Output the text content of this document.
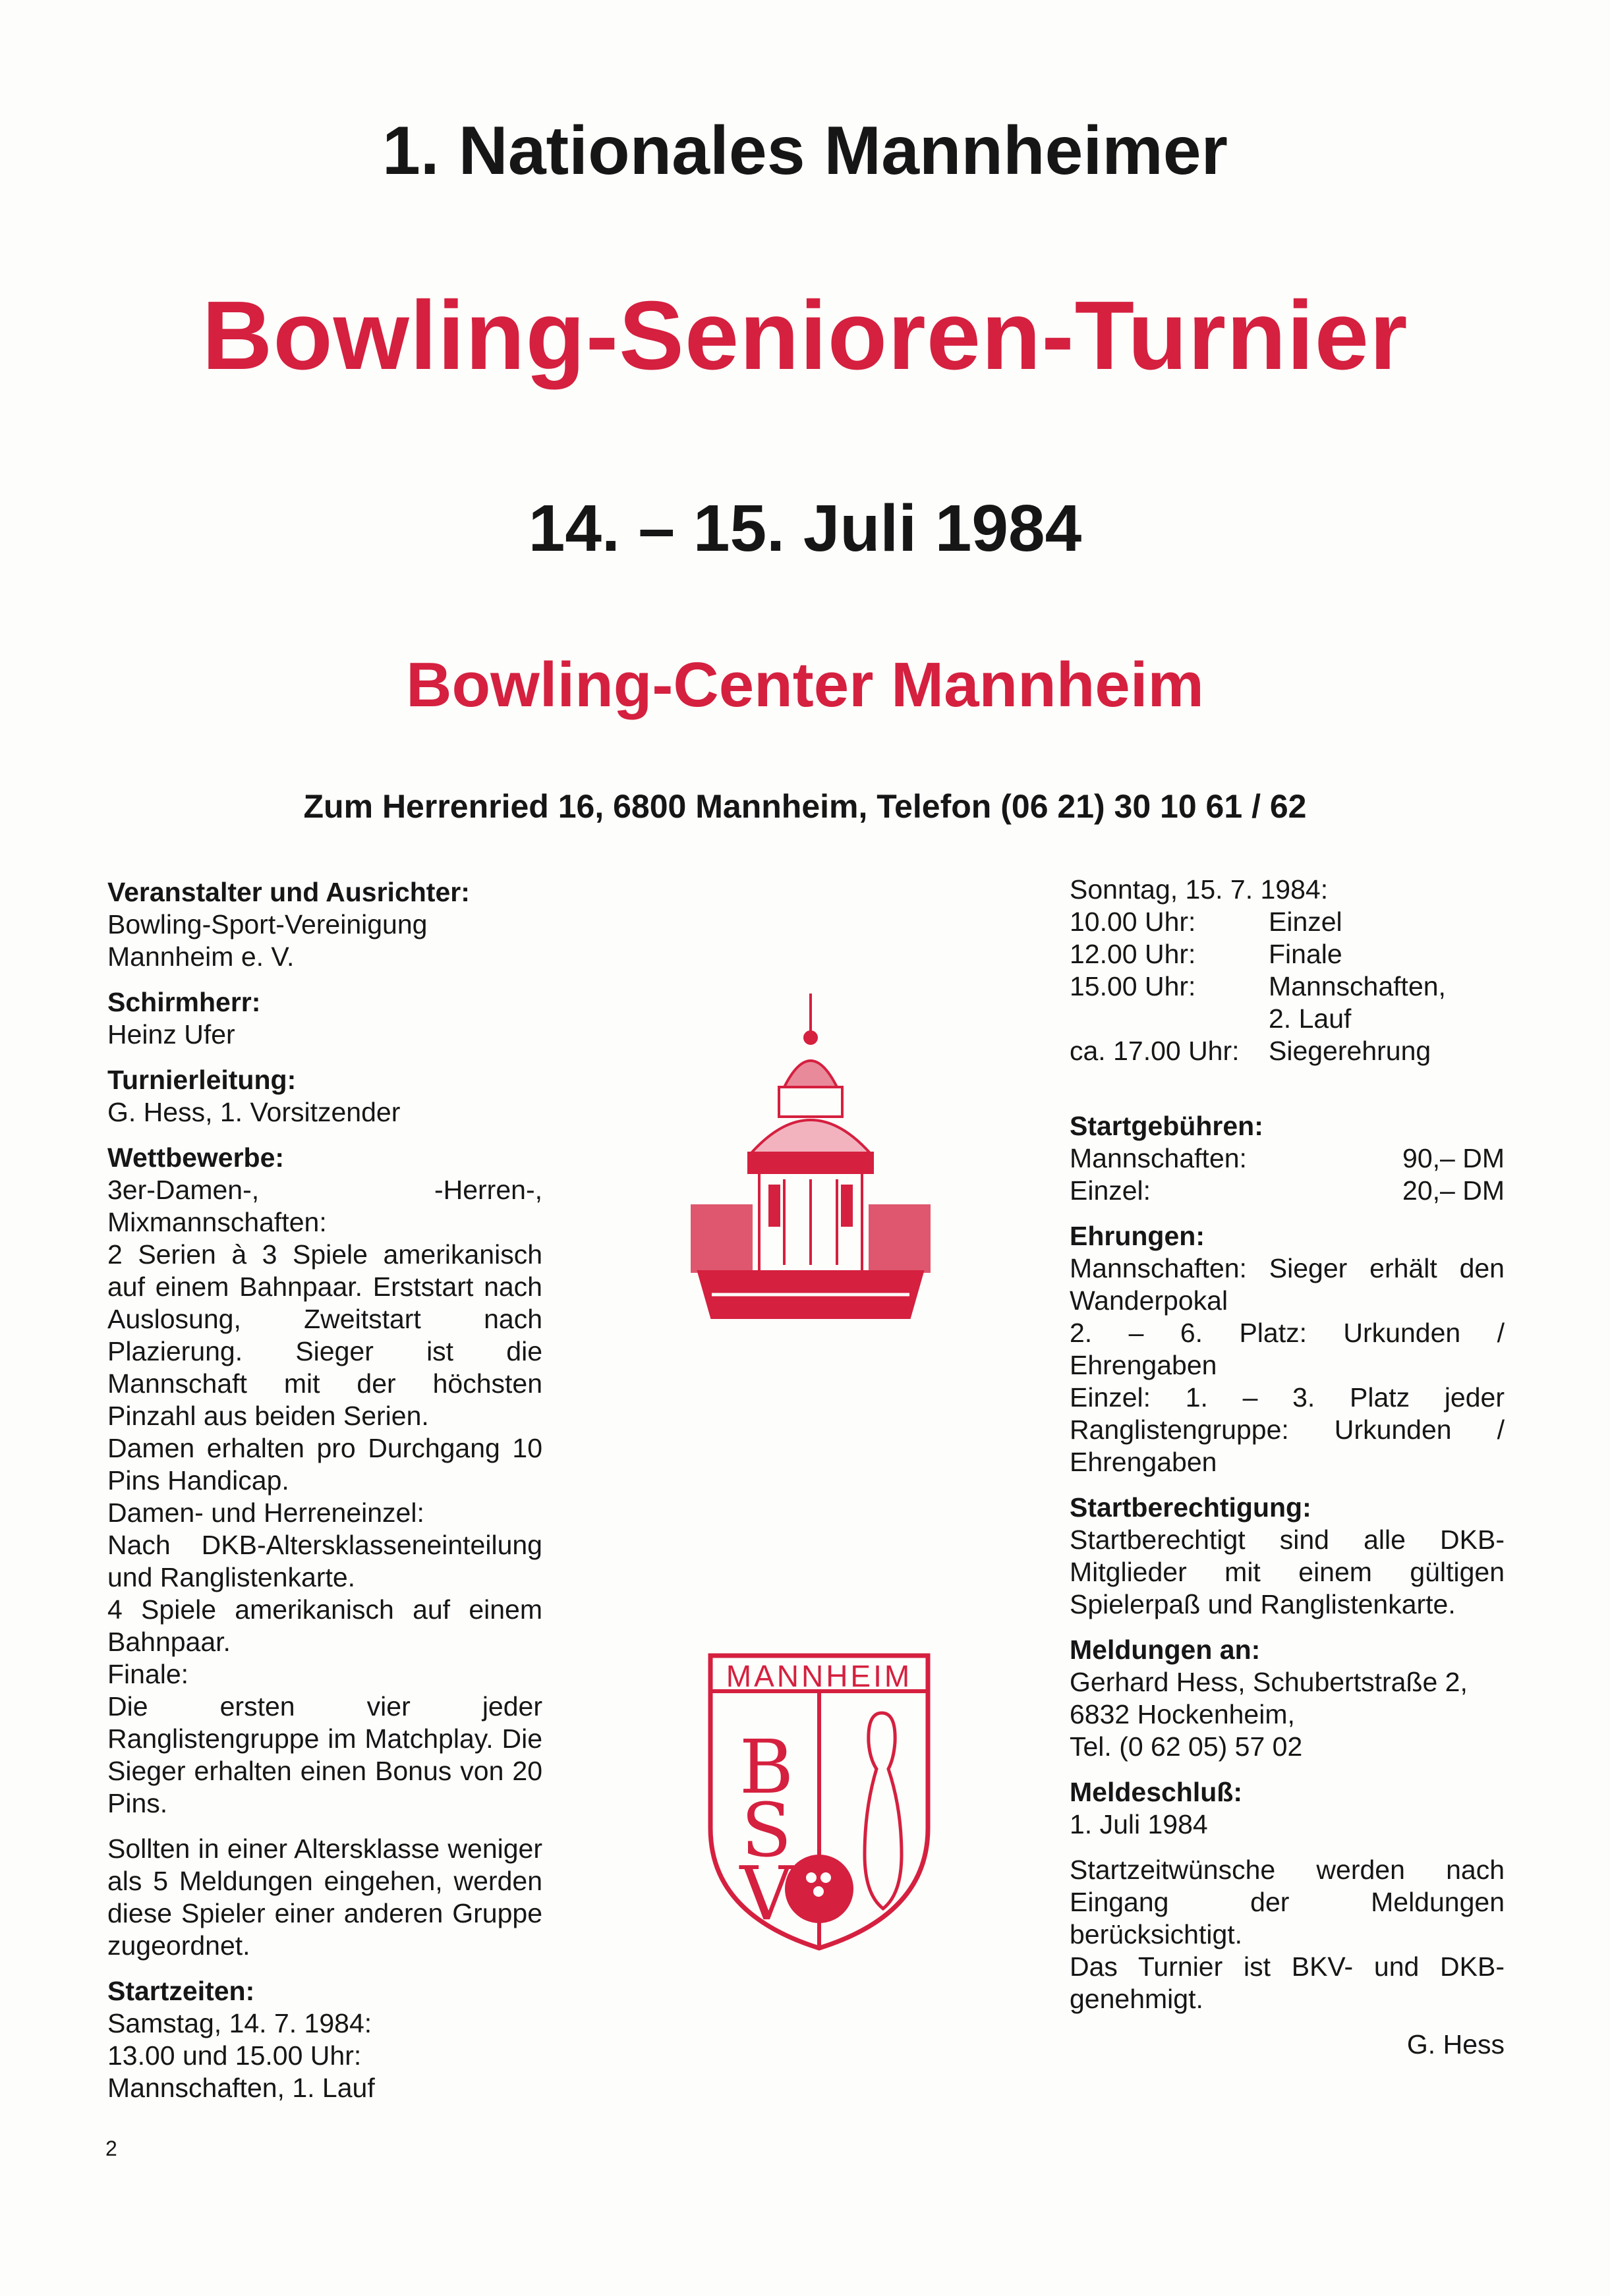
1. Nationales Mannheimer
Bowling-Senioren-Turnier
14. – 15. Juli 1984
Bowling-Center Mannheim
Zum Herrenried 16, 6800 Mannheim, Telefon (06 21) 30 10 61 / 62
Veranstalter und Ausrichter:
Bowling-Sport-Vereinigung
Mannheim e. V.
Schirmherr:
Heinz Ufer
Turnierleitung:
G. Hess, 1. Vorsitzender
Wettbewerbe:
3er-Damen-, -Herren-, Mixmannschaften:
2 Serien à 3 Spiele amerikanisch auf einem Bahnpaar. Erststart nach Auslosung, Zweitstart nach Plazierung. Sieger ist die Mannschaft mit der höchsten Pinzahl aus beiden Serien.
Damen erhalten pro Durchgang 10 Pins Handicap.
Damen- und Herreneinzel:
Nach DKB-Altersklasseneinteilung und Ranglistenkarte.
4 Spiele amerikanisch auf einem Bahnpaar.
Finale:
Die ersten vier jeder Ranglistengruppe im Matchplay. Die Sieger erhalten einen Bonus von 20 Pins.
Sollten in einer Altersklasse weniger als 5 Meldungen eingehen, werden diese Spieler einer anderen Gruppe zugeordnet.
Startzeiten:
Samstag, 14. 7. 1984:
13.00 und 15.00 Uhr:
Mannschaften, 1. Lauf
Sonntag, 15. 7. 1984:
10.00 Uhr:	Einzel
12.00 Uhr:	Finale
15.00 Uhr:	Mannschaften,
2. Lauf
ca. 17.00 Uhr:	Siegerehrung
Startgebühren:
Mannschaften:	90,– DM
Einzel:	20,– DM
Ehrungen:
Mannschaften: Sieger erhält den Wanderpokal
2. – 6. Platz: Urkunden / Ehrengaben
Einzel: 1. – 3. Platz jeder Ranglistengruppe: Urkunden / Ehrengaben
Startberechtigung:
Startberechtigt sind alle DKB-Mitglieder mit einem gültigen Spielerpaß und Ranglistenkarte.
Meldungen an:
Gerhard Hess, Schubertstraße 2,
6832 Hockenheim,
Tel. (0 62 05) 57 02
Meldeschluß:
1. Juli 1984
Startzeitwünsche werden nach Eingang der Meldungen berücksichtigt.
Das Turnier ist BKV- und DKB-genehmigt.
G. Hess
MANNHEIM
BSV
2
